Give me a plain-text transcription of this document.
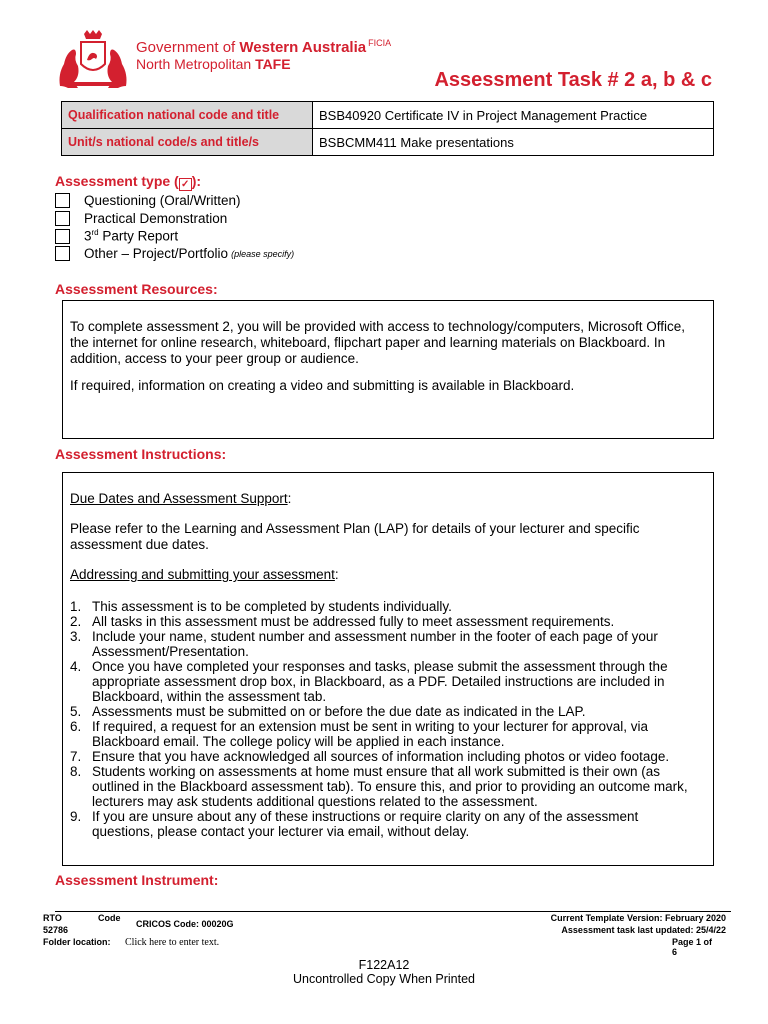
Government of Western Australia $^{FICIA}$
North Metropolitan TAFE
Assessment Task # 2 a, b & c
Qualification national code and title	BSB40920 Certificate IV in Project Management Practice
Unit/s national code/s and title/s	BSBCMM411 Make presentations
Assessment type ( ✓ ):
Questioning (Oral/Written)
Practical Demonstration
3rd Party Report
Other – Project/Portfolio (please specify)
Assessment Resources:
To complete assessment 2, you will be provided with access to technology/computers, Microsoft Office, the internet for online research, whiteboard, flipchart paper and learning materials on Blackboard. In addition, access to your peer group or audience.
If required, information on creating a video and submitting is available in Blackboard.
Assessment Instructions:
Due Dates and Assessment Support:
Please refer to the Learning and Assessment Plan (LAP) for details of your lecturer and specific assessment due dates.
Addressing and submitting your assessment:
1. This assessment is to be completed by students individually.
2. All tasks in this assessment must be addressed fully to meet assessment requirements.
3. Include your name, student number and assessment number in the footer of each page of your Assessment/Presentation.
4. Once you have completed your responses and tasks, please submit the assessment through the appropriate assessment drop box, in Blackboard, as a PDF. Detailed instructions are included in Blackboard, within the assessment tab.
5. Assessments must be submitted on or before the due date as indicated in the LAP.
6. If required, a request for an extension must be sent in writing to your lecturer for approval, via Blackboard email. The college policy will be applied in each instance.
7. Ensure that you have acknowledged all sources of information including photos or video footage.
8. Students working on assessments at home must ensure that all work submitted is their own (as outlined in the Blackboard assessment tab). To ensure this, and prior to providing an outcome mark, lecturers may ask students additional questions related to the assessment.
9. If you are unsure about any of these instructions or require clarity on any of the assessment questions, please contact your lecturer via email, without delay.
Assessment Instrument:
RTO	Code
52786
CRICOS Code: 00020G
Folder location: Click here to enter text.
Current Template Version: February 2020
Assessment task last updated: 25/4/22
Page 1 of
6
F122A12
Uncontrolled Copy When Printed
